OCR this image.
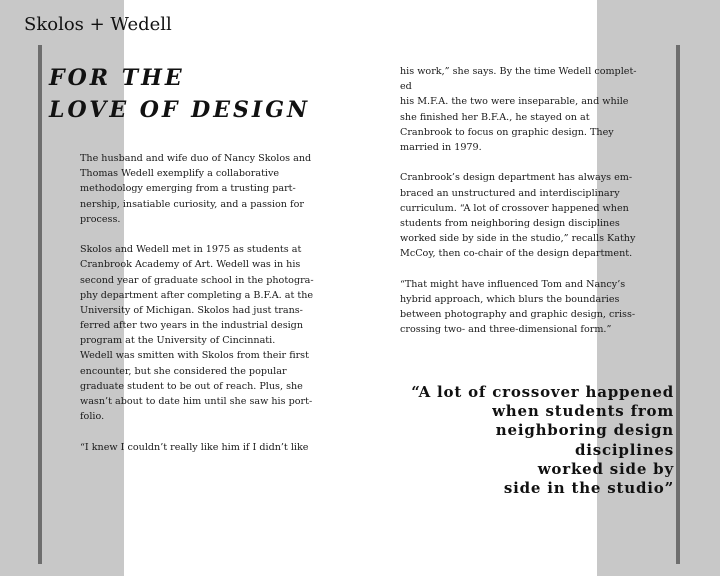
Skolos + Wedell
FOR THE
LOVE OF DESIGN
The husband and wife duo of Nancy Skolos and
Thomas Wedell exemplify a collaborative
methodology emerging from a trusting part-
nership, insatiable curiosity, and a passion for
process.
Skolos and Wedell met in 1975 as students at
Cranbrook Academy of Art. Wedell was in his
second year of graduate school in the photogra-
phy department after completing a B.F.A. at the
University of Michigan. Skolos had just trans-
ferred after two years in the industrial design
program at the University of Cincinnati.
Wedell was smitten with Skolos from their first
encounter, but she considered the popular
graduate student to be out of reach. Plus, she
wasn’t about to date him until she saw his port-
folio.
“I knew I couldn’t really like him if I didn’t like
his work,” she says. By the time Wedell complet-
ed
his M.F.A. the two were inseparable, and while
she finished her B.F.A., he stayed on at
Cranbrook to focus on graphic design. They
married in 1979.
Cranbrook’s design department has always em-
braced an unstructured and interdisciplinary
curriculum. “A lot of crossover happened when
students from neighboring design disciplines
worked side by side in the studio,” recalls Kathy
McCoy, then co-chair of the design department.
“That might have influenced Tom and Nancy’s
hybrid approach, which blurs the boundaries
between photography and graphic design, criss-
crossing two- and three-dimensional form.”
“A lot of crossover happened
when students from
neighboring design
disciplines
worked side by
side in the studio”
